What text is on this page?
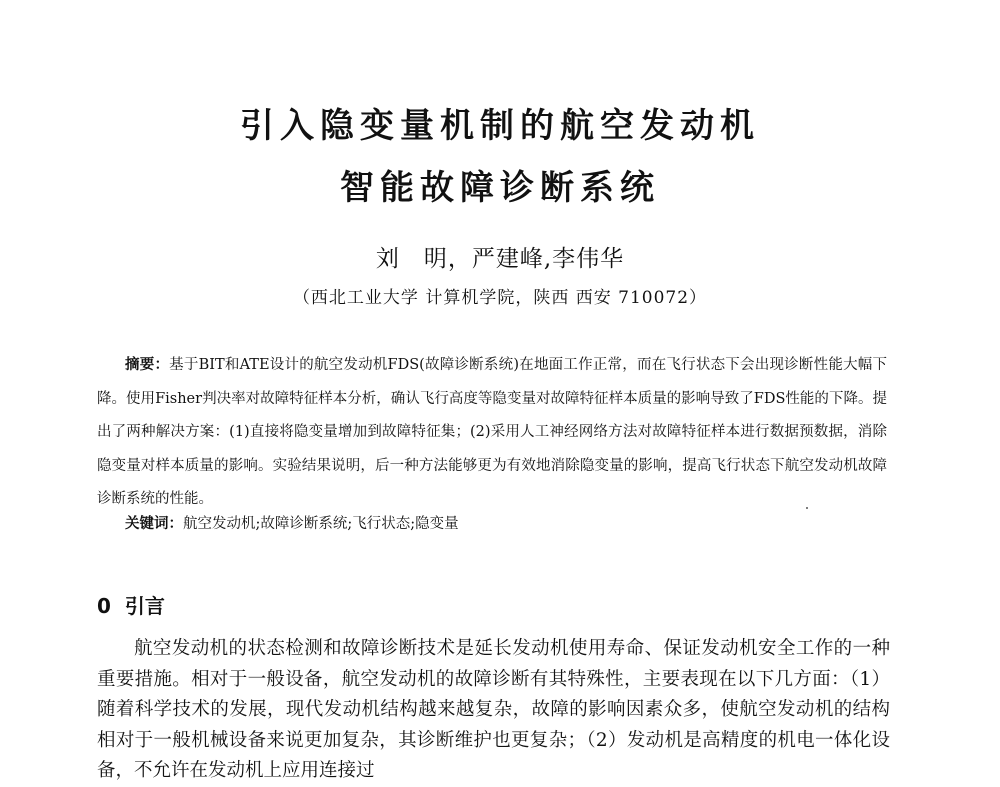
引入隐变量机制的航空发动机
智能故障诊断系统
刘　明，严建峰,李伟华
（西北工业大学 计算机学院，陕西 西安 710072）

摘要：基于BIT和ATE设计的航空发动机FDS(故障诊断系统)在地面工作正常，而在飞行状态下会出现诊断性能大幅下降。使用Fisher判决率对故障特征样本分析，确认飞行高度等隐变量对故障特征样本质量的影响导致了FDS性能的下降。提出了两种解决方案：(1)直接将隐变量增加到故障特征集；(2)采用人工神经网络方法对故障特征样本进行数据预数据，消除隐变量对样本质量的影响。实验结果说明，后一种方法能够更为有效地消除隐变量的影响，提高飞行状态下航空发动机故障诊断系统的性能。

关键词：航空发动机;故障诊断系统;飞行状态;隐变量

0 引言

航空发动机的状态检测和故障诊断技术是延长发动机使用寿命、保证发动机安全工作的一种重要措施。相对于一般设备，航空发动机的故障诊断有其特殊性，主要表现在以下几方面：（1）随着科学技术的发展，现代发动机结构越来越复杂，故障的影响因素众多，使航空发动机的结构相对于一般机械设备来说更加复杂，其诊断维护也更复杂；（2）发动机是高精度的机电一体化设备，不允许在发动机上应用连接过
